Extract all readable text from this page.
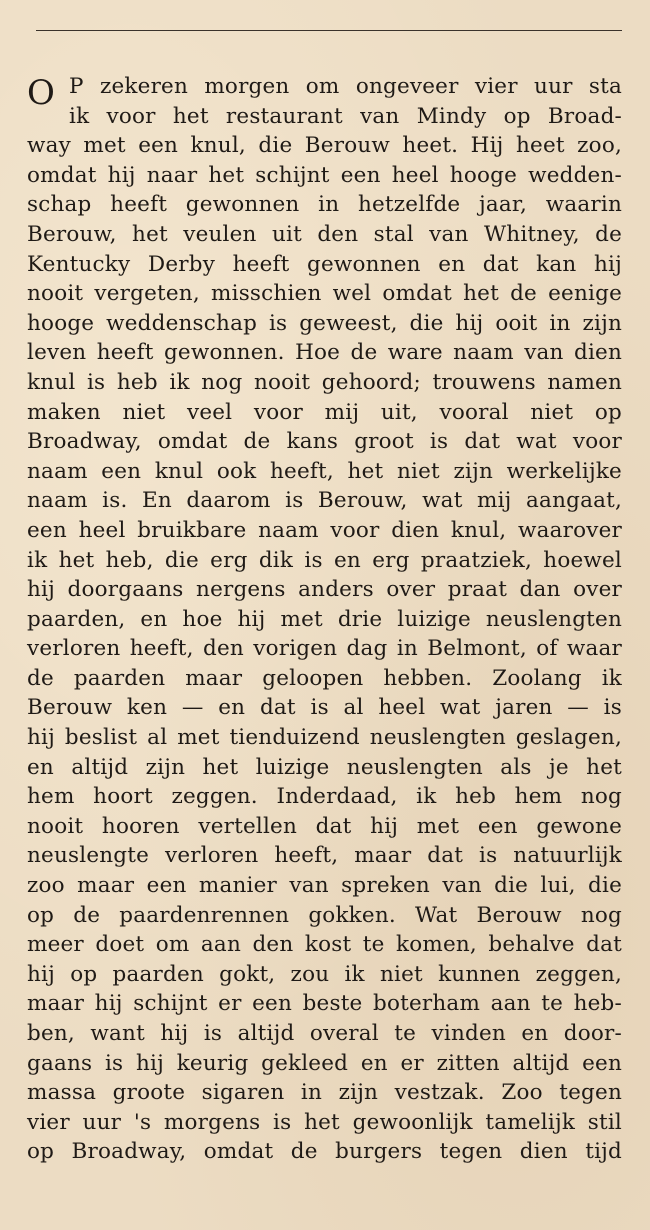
O P zekeren morgen om ongeveer vier uur sta
ik voor het restaurant van Mindy op Broad-
way met een knul, die Berouw heet. Hij heet zoo,
omdat hij naar het schijnt een heel hooge wedden-
schap heeft gewonnen in hetzelfde jaar, waarin
Berouw, het veulen uit den stal van Whitney, de
Kentucky Derby heeft gewonnen en dat kan hij
nooit vergeten, misschien wel omdat het de eenige
hooge weddenschap is geweest, die hij ooit in zijn
leven heeft gewonnen. Hoe de ware naam van dien
knul is heb ik nog nooit gehoord; trouwens namen
maken niet veel voor mij uit, vooral niet op
Broadway, omdat de kans groot is dat wat voor
naam een knul ook heeft, het niet zijn werkelijke
naam is. En daarom is Berouw, wat mij aangaat,
een heel bruikbare naam voor dien knul, waarover
ik het heb, die erg dik is en erg praatziek, hoewel
hij doorgaans nergens anders over praat dan over
paarden, en hoe hij met drie luizige neuslengten
verloren heeft, den vorigen dag in Belmont, of waar
de paarden maar geloopen hebben. Zoolang ik
Berouw ken — en dat is al heel wat jaren — is
hij beslist al met tienduizend neuslengten geslagen,
en altijd zijn het luizige neuslengten als je het
hem hoort zeggen. Inderdaad, ik heb hem nog
nooit hooren vertellen dat hij met een gewone
neuslengte verloren heeft, maar dat is natuurlijk
zoo maar een manier van spreken van die lui, die
op de paardenrennen gokken. Wat Berouw nog
meer doet om aan den kost te komen, behalve dat
hij op paarden gokt, zou ik niet kunnen zeggen,
maar hij schijnt er een beste boterham aan te heb-
ben, want hij is altijd overal te vinden en door-
gaans is hij keurig gekleed en er zitten altijd een
massa groote sigaren in zijn vestzak. Zoo tegen
vier uur 's morgens is het gewoonlijk tamelijk stil
op Broadway, omdat de burgers tegen dien tijd
